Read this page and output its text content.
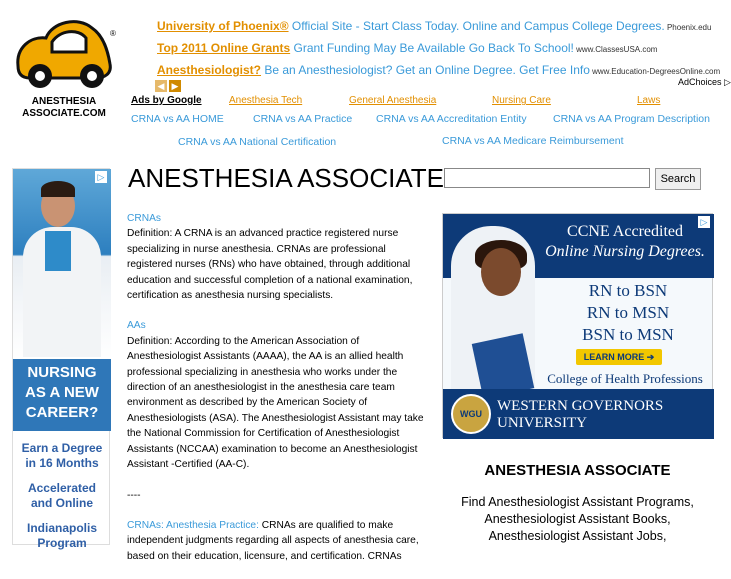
®
ANESTHESIA
ASSOCIATE.COM
University of Phoenix® Official Site - Start Class Today. Online and Campus College Degrees. Phoenix.edu
Top 2011 Online Grants Grant Funding May Be Available Go Back To School! www.ClassesUSA.com
Anesthesiologist? Be an Anesthesiologist? Get an Online Degree. Get Free Info www.Education-DegreesOnline.com
◀ ▶	AdChoices ▷
Ads by Google	Anesthesia Tech	General Anesthesia	Nursing Care	Laws
CRNA vs AA HOME	CRNA vs AA Practice CRNA vs AA Accreditation Entity	CRNA vs AA Program Description
CRNA vs AA National Certification	CRNA vs AA Medicare Reimbursement
▷
NURSING
AS A NEW
CAREER?
Earn a Degree
in 16 Months
Accelerated
and Online
Indianapolis
Program
ANESTHESIA ASSOCIATE	Search

CRNAs
Definition: A CRNA is an advanced practice registered nurse specializing in nurse anesthesia. CRNAs are professional registered nurses (RNs) who have obtained, through additional education and successful completion of a national examination, certification as anesthesia nursing specialists.

AAs
Definition: According to the American Association of Anesthesiologist Assistants (AAAA), the AA is an allied health professional specializing in anesthesia who works under the direction of an anesthesiologist in the anesthesia care team environment as described by the American Society of Anesthesiologists (ASA). The Anesthesiologist Assistant may take the National Commission for Certification of Anesthesiologist Assistants (NCCAA) examination to become an Anesthesiologist Assistant -Certified (AA-C).

----

CRNAs: Anesthesia Practice: CRNAs are qualified to make independent judgments regarding all aspects of anesthesia care, based on their education, licensure, and certification. CRNAs

CCNE Accredited
Online Nursing Degrees.
RN to BSN
RN to MSN
BSN to MSN
LEARN MORE ➔
College of Health Professions
WGU	WESTERN GOVERNORS
UNIVERSITY
▷
ANESTHESIA ASSOCIATE
Find Anesthesiologist Assistant Programs,
Anesthesiologist Assistant Books,
Anesthesiologist Assistant Jobs,
